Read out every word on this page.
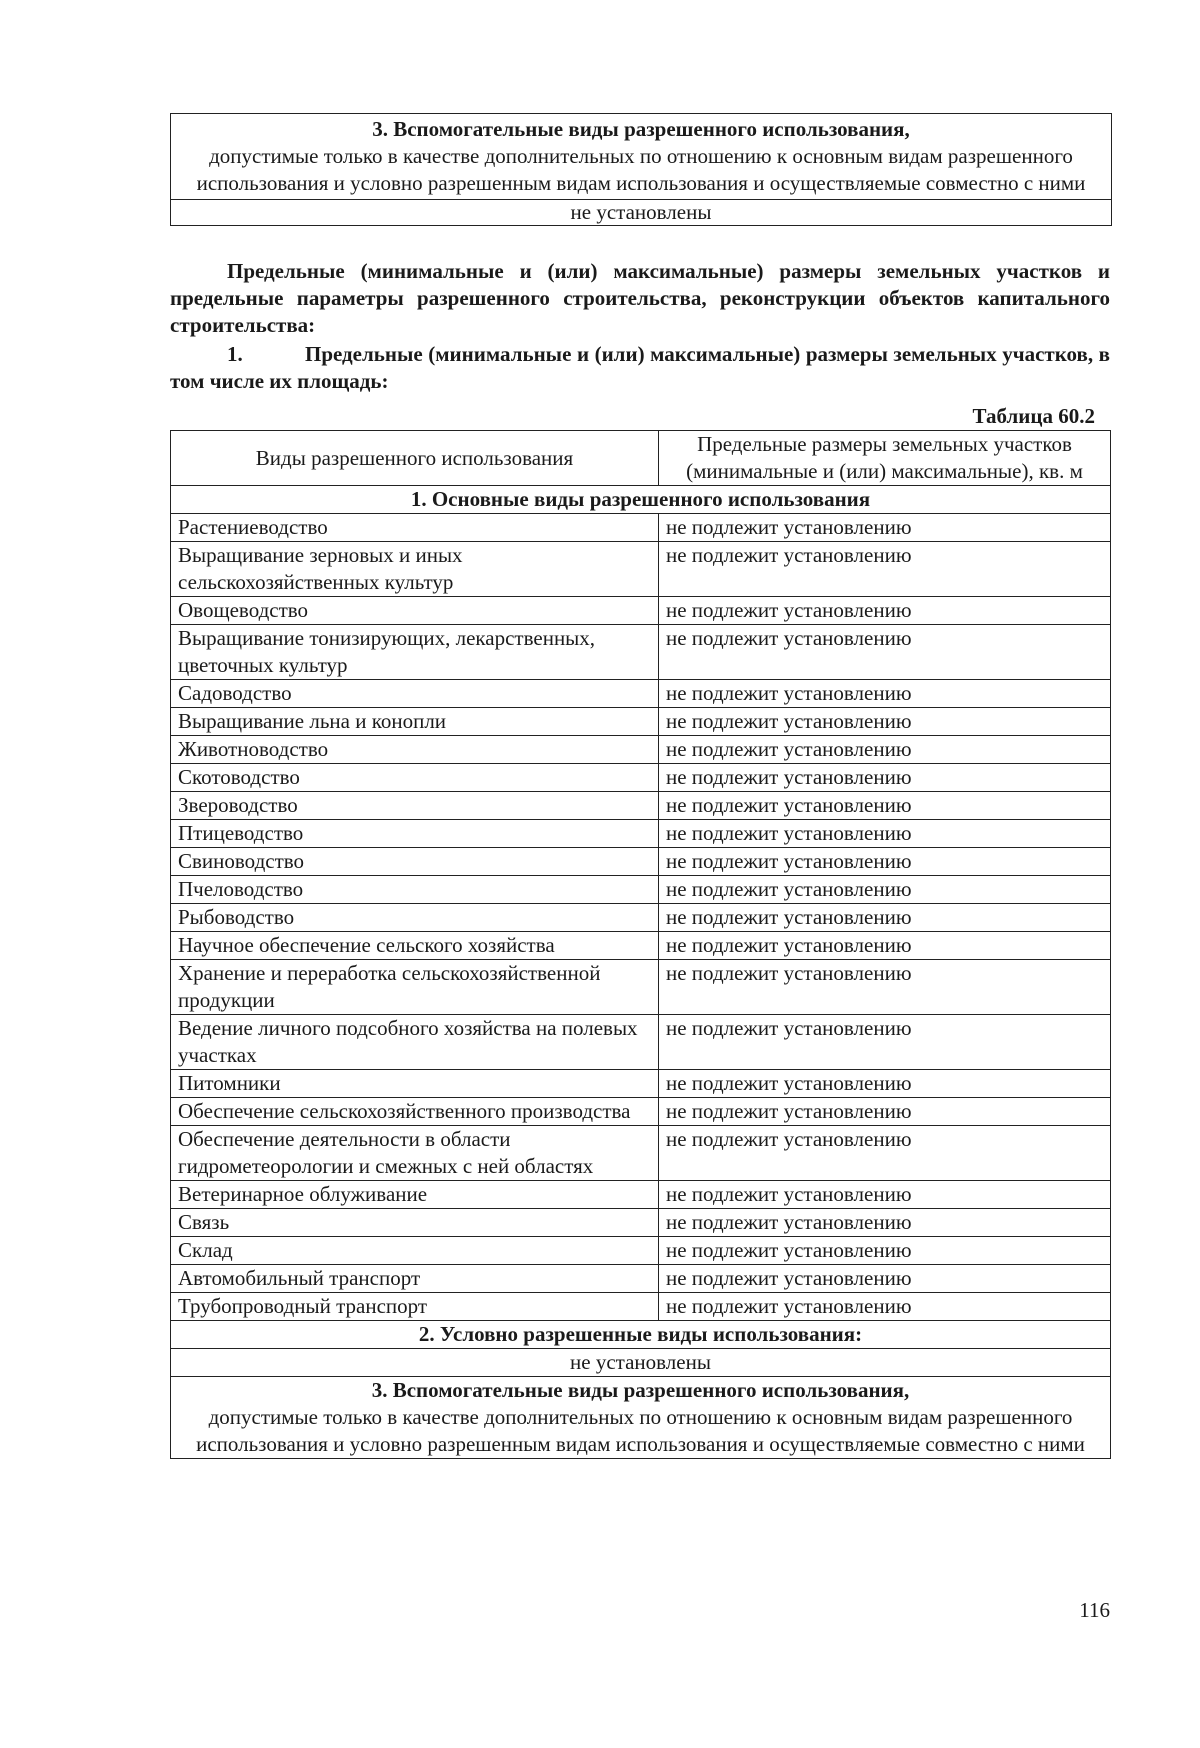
3. Вспомогательные виды разрешенного использования,
допустимые только в качестве дополнительных по отношению к основным видам разрешенного использования и условно разрешенным видам использования и осуществляемые совместно с ними
не установлены
Предельные (минимальные и (или) максимальные) размеры земельных участков и предельные параметры разрешенного строительства, реконструкции объектов капитального строительства:
1.	Предельные (минимальные и (или) максимальные) размеры земельных участков, в том числе их площадь:
Таблица 60.2
Виды разрешенного использования	Предельные размеры земельных участков (минимальные и (или) максимальные), кв. м
1. Основные виды разрешенного использования	
Растениеводство	не подлежит установлению
Выращивание зерновых и иных сельскохозяйственных культур	не подлежит установлению
Овощеводство	не подлежит установлению
Выращивание тонизирующих, лекарственных, цветочных культур	не подлежит установлению
Садоводство	не подлежит установлению
Выращивание льна и конопли	не подлежит установлению
Животноводство	не подлежит установлению
Скотоводство	не подлежит установлению
Звероводство	не подлежит установлению
Птицеводство	не подлежит установлению
Свиноводство	не подлежит установлению
Пчеловодство	не подлежит установлению
Рыбоводство	не подлежит установлению
Научное обеспечение сельского хозяйства	не подлежит установлению
Хранение и переработка сельскохозяйственной продукции	не подлежит установлению
Ведение личного подсобного хозяйства на полевых участках	не подлежит установлению
Питомники	не подлежит установлению
Обеспечение сельскохозяйственного производства	не подлежит установлению
Обеспечение деятельности в области гидрометеорологии и смежных с ней областях	не подлежит установлению
Ветеринарное облуживание	не подлежит установлению
Связь	не подлежит установлению
Склад	не подлежит установлению
Автомобильный транспорт	не подлежит установлению
Трубопроводный транспорт	не подлежит установлению
2. Условно разрешенные виды использования:	
не установлены	

3. Вспомогательные виды разрешенного использования,
допустимые только в качестве дополнительных по отношению к основным видам разрешенного использования и условно разрешенным видам использования и осуществляемые совместно с ними	
116
